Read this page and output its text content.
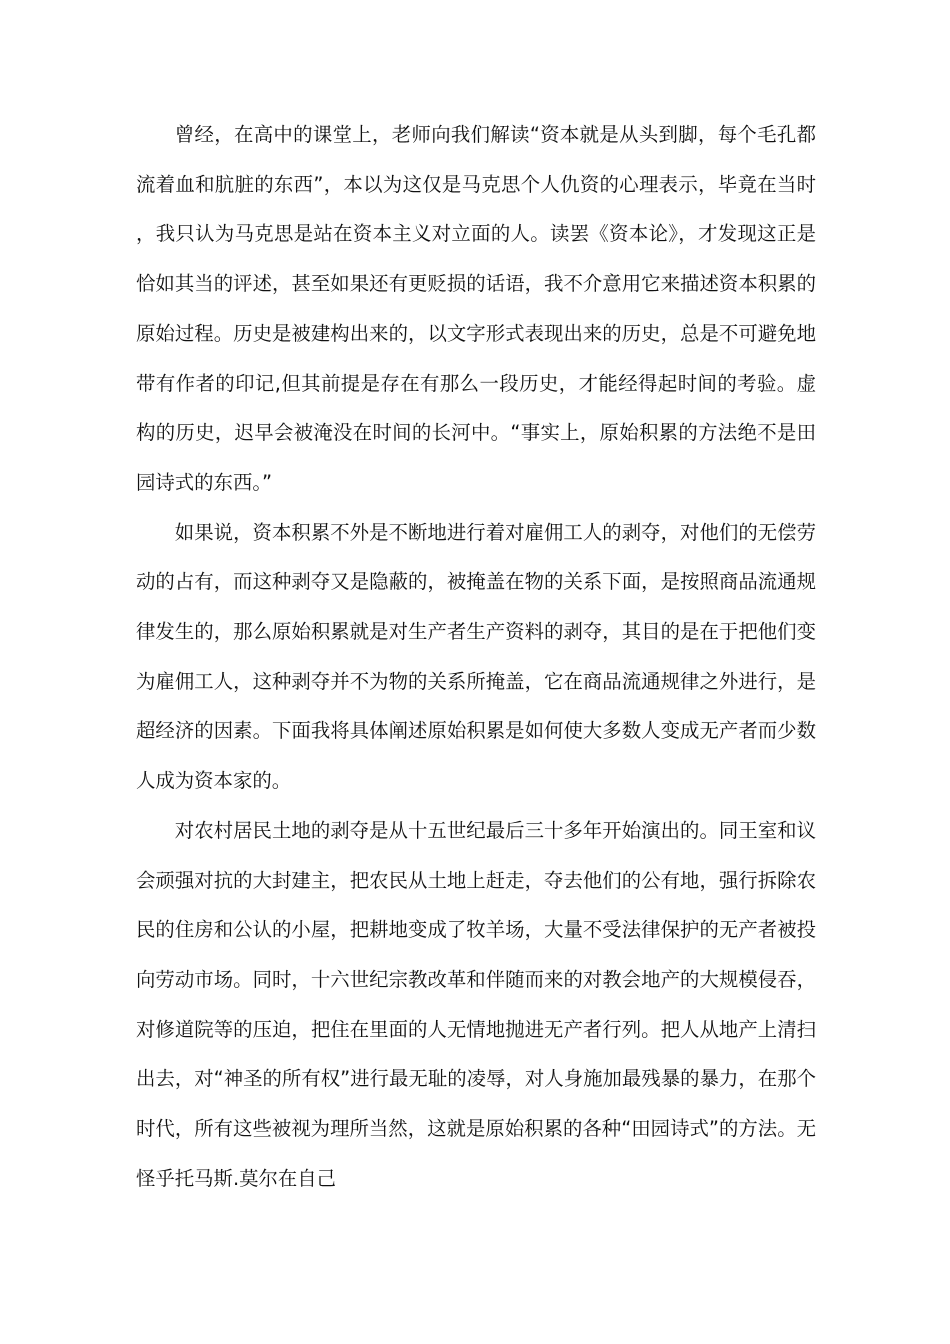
曾经，在高中的课堂上，老师向我们解读“资本就是从头到脚，每个毛孔都流着血和肮脏的东西”，本以为这仅是马克思个人仇资的心理表示，毕竟在当时，我只认为马克思是站在资本主义对立面的人。读罢《资本论》，才发现这正是恰如其当的评述，甚至如果还有更贬损的话语，我不介意用它来描述资本积累的原始过程。历史是被建构出来的，以文字形式表现出来的历史，总是不可避免地带有作者的印记,但其前提是存在有那么一段历史，才能经得起时间的考验。虚构的历史，迟早会被淹没在时间的长河中。“事实上，原始积累的方法绝不是田园诗式的东西。”

如果说，资本积累不外是不断地进行着对雇佣工人的剥夺，对他们的无偿劳动的占有，而这种剥夺又是隐蔽的，被掩盖在物的关系下面，是按照商品流通规律发生的，那么原始积累就是对生产者生产资料的剥夺，其目的是在于把他们变为雇佣工人，这种剥夺并不为物的关系所掩盖，它在商品流通规律之外进行，是超经济的因素。下面我将具体阐述原始积累是如何使大多数人变成无产者而少数人成为资本家的。

对农村居民土地的剥夺是从十五世纪最后三十多年开始演出的。同王室和议会顽强对抗的大封建主，把农民从土地上赶走，夺去他们的公有地，强行拆除农民的住房和公认的小屋，把耕地变成了牧羊场，大量不受法律保护的无产者被投向劳动市场。同时，十六世纪宗教改革和伴随而来的对教会地产的大规模侵吞，对修道院等的压迫，把住在里面的人无情地抛进无产者行列。把人从地产上清扫出去，对“神圣的所有权”进行最无耻的凌辱，对人身施加最残暴的暴力，在那个时代，所有这些被视为理所当然，这就是原始积累的各种“田园诗式”的方法。无怪乎托马斯.莫尔在自己
